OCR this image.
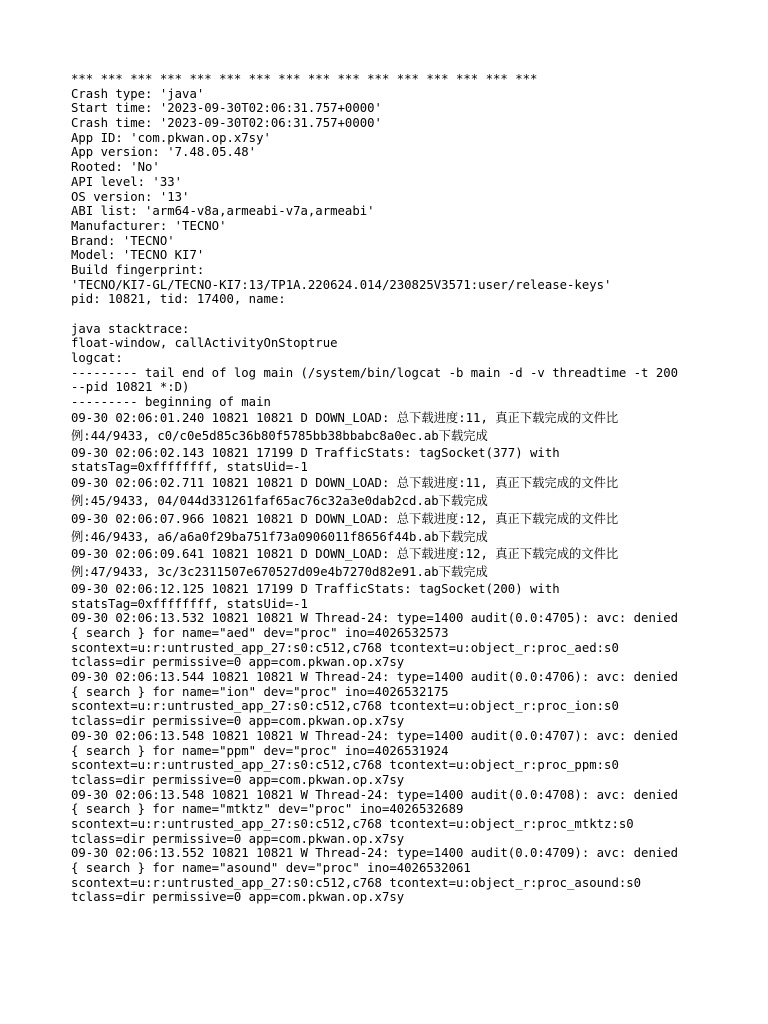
*** *** *** *** *** *** *** *** *** *** *** *** *** *** *** ***
Crash type: 'java'
Start time: '2023-09-30T02:06:31.757+0000'
Crash time: '2023-09-30T02:06:31.757+0000'
App ID: 'com.pkwan.op.x7sy'
App version: '7.48.05.48'
Rooted: 'No'
API level: '33'
OS version: '13'
ABI list: 'arm64-v8a,armeabi-v7a,armeabi'
Manufacturer: 'TECNO'
Brand: 'TECNO'
Model: 'TECNO KI7'
Build fingerprint:
'TECNO/KI7-GL/TECNO-KI7:13/TP1A.220624.014/230825V3571:user/release-keys'
pid: 10821, tid: 17400, name:
java stacktrace:
float-window, callActivityOnStoptrue
logcat:
--------- tail end of log main (/system/bin/logcat -b main -d -v threadtime -t 200
--pid 10821 *:D)
--------- beginning of main
09-30 02:06:01.240 10821 10821 D DOWN_LOAD: 总下载进度:11, 真正下载完成的文件比
例:44/9433, c0/c0e5d85c36b80f5785bb38bbabc8a0ec.ab下载完成
09-30 02:06:02.143 10821 17199 D TrafficStats: tagSocket(377) with
statsTag=0xffffffff, statsUid=-1
09-30 02:06:02.711 10821 10821 D DOWN_LOAD: 总下载进度:11, 真正下载完成的文件比
例:45/9433, 04/044d331261faf65ac76c32a3e0dab2cd.ab下载完成
09-30 02:06:07.966 10821 10821 D DOWN_LOAD: 总下载进度:12, 真正下载完成的文件比
例:46/9433, a6/a6a0f29ba751f73a0906011f8656f44b.ab下载完成
09-30 02:06:09.641 10821 10821 D DOWN_LOAD: 总下载进度:12, 真正下载完成的文件比
例:47/9433, 3c/3c2311507e670527d09e4b7270d82e91.ab下载完成
09-30 02:06:12.125 10821 17199 D TrafficStats: tagSocket(200) with
statsTag=0xffffffff, statsUid=-1
09-30 02:06:13.532 10821 10821 W Thread-24: type=1400 audit(0.0:4705): avc: denied
{ search } for name="aed" dev="proc" ino=4026532573
scontext=u:r:untrusted_app_27:s0:c512,c768 tcontext=u:object_r:proc_aed:s0
tclass=dir permissive=0 app=com.pkwan.op.x7sy
09-30 02:06:13.544 10821 10821 W Thread-24: type=1400 audit(0.0:4706): avc: denied
{ search } for name="ion" dev="proc" ino=4026532175
scontext=u:r:untrusted_app_27:s0:c512,c768 tcontext=u:object_r:proc_ion:s0
tclass=dir permissive=0 app=com.pkwan.op.x7sy
09-30 02:06:13.548 10821 10821 W Thread-24: type=1400 audit(0.0:4707): avc: denied
{ search } for name="ppm" dev="proc" ino=4026531924
scontext=u:r:untrusted_app_27:s0:c512,c768 tcontext=u:object_r:proc_ppm:s0
tclass=dir permissive=0 app=com.pkwan.op.x7sy
09-30 02:06:13.548 10821 10821 W Thread-24: type=1400 audit(0.0:4708): avc: denied
{ search } for name="mtktz" dev="proc" ino=4026532689
scontext=u:r:untrusted_app_27:s0:c512,c768 tcontext=u:object_r:proc_mtktz:s0
tclass=dir permissive=0 app=com.pkwan.op.x7sy
09-30 02:06:13.552 10821 10821 W Thread-24: type=1400 audit(0.0:4709): avc: denied
{ search } for name="asound" dev="proc" ino=4026532061
scontext=u:r:untrusted_app_27:s0:c512,c768 tcontext=u:object_r:proc_asound:s0
tclass=dir permissive=0 app=com.pkwan.op.x7sy
